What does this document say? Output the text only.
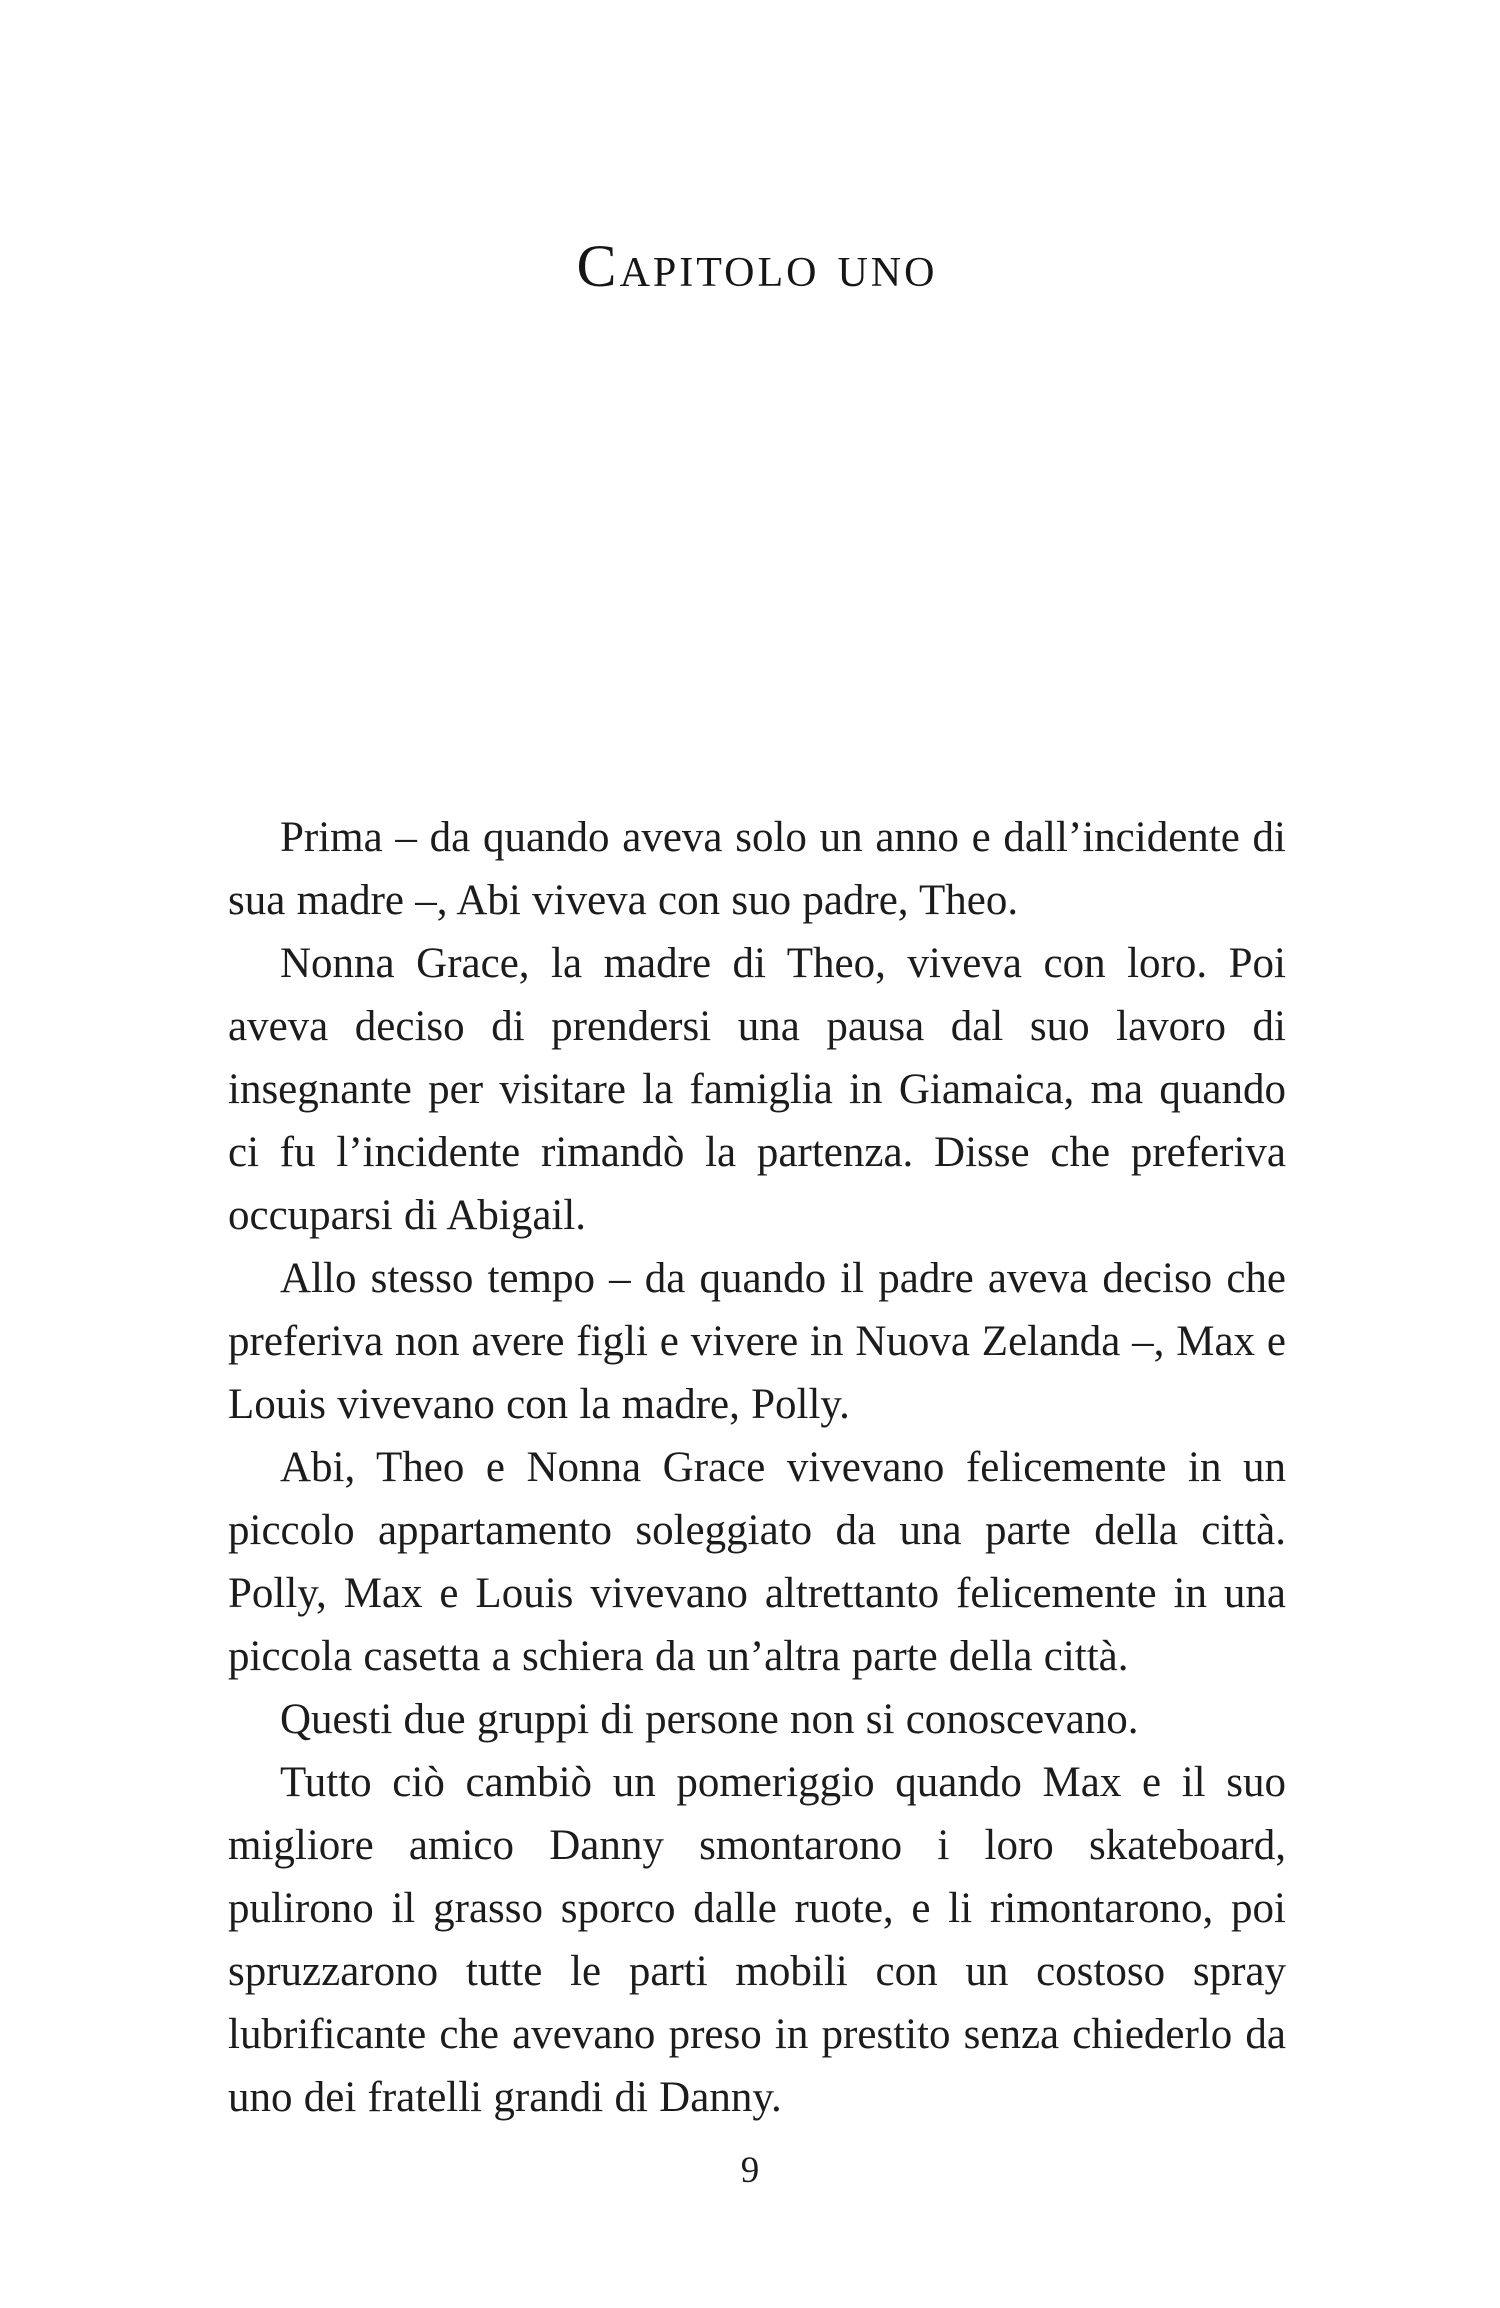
Capitolo uno

Prima – da quando aveva solo un anno e dall’incidente di sua madre –, Abi viveva con suo padre, Theo.

Nonna Grace, la madre di Theo, viveva con loro. Poi aveva deciso di prendersi una pausa dal suo lavoro di insegnante per visitare la famiglia in Giamaica, ma quando ci fu l’incidente rimandò la partenza. Disse che preferiva occuparsi di Abigail.

Allo stesso tempo – da quando il padre aveva deciso che preferiva non avere figli e vivere in Nuova Zelanda –, Max e Louis vivevano con la madre, Polly.

Abi, Theo e Nonna Grace vivevano felicemente in un piccolo appartamento soleggiato da una parte della città. Polly, Max e Louis vivevano altrettanto felicemente in una piccola casetta a schiera da un’altra parte della città.

Questi due gruppi di persone non si conoscevano.

Tutto ciò cambiò un pomeriggio quando Max e il suo migliore amico Danny smontarono i loro skateboard, pulirono il grasso sporco dalle ruote, e li rimontarono, poi spruzzarono tutte le parti mobili con un costoso spray lubrificante che avevano preso in prestito senza chiederlo da uno dei fratelli grandi di Danny.

9
